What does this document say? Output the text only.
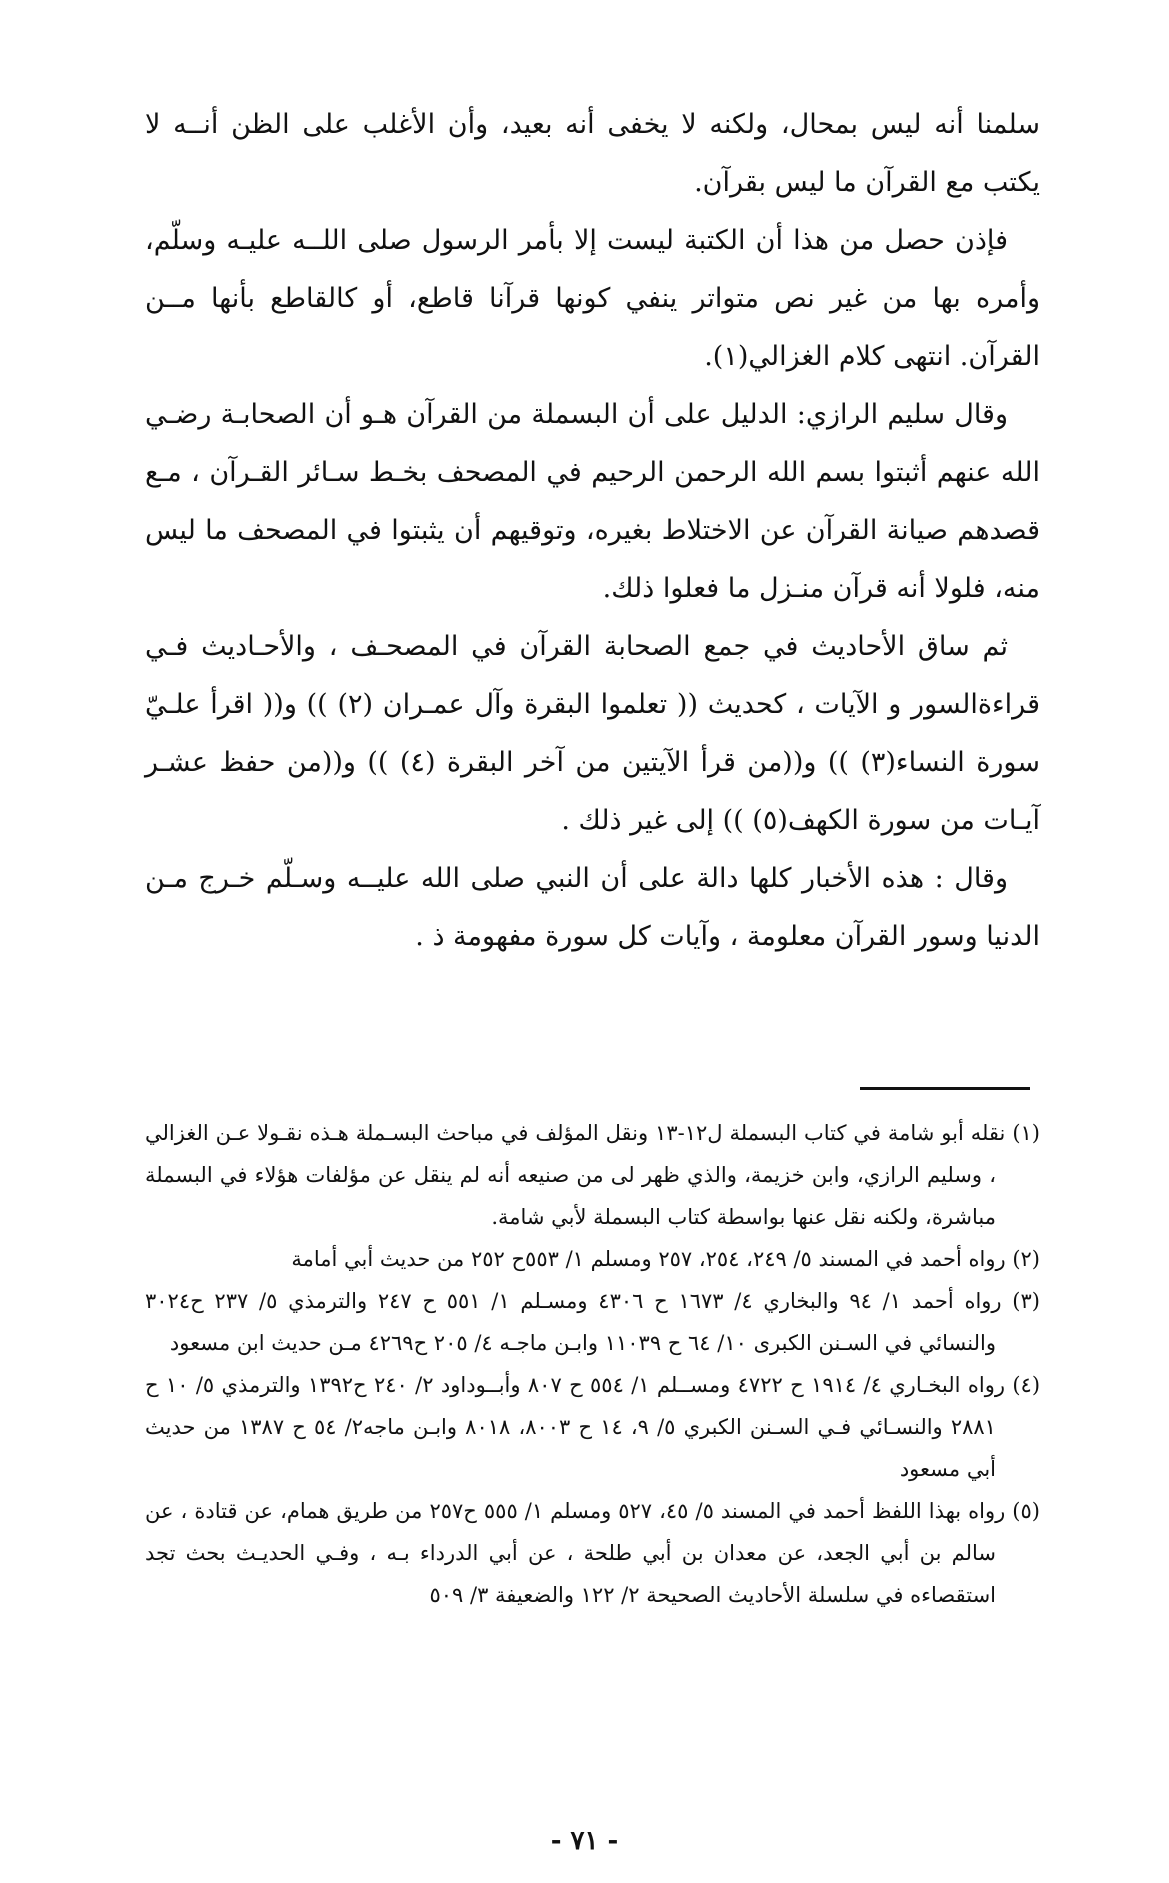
سلمنا أنه ليس بمحال، ولكنه لا يخفى أنه بعيد، وأن الأغلب على الظن أنــه لا يكتب مع القرآن ما ليس بقرآن.

فإذن حصل من هذا أن الكتبة ليست إلا بأمر الرسول صلى اللــه عليـه وسلّم، وأمره بها من غير نص متواتر ينفي كونها قرآنا قاطع، أو كالقاطع بأنها مــن القرآن. انتهى كلام الغزالي(١).

وقال سليم الرازي: الدليل على أن البسملة من القرآن هـو أن الصحابـة رضـي الله عنهم أثبتوا بسم الله الرحمن الرحيم في المصحف بخـط سـائر القـرآن ، مـع قصدهم صيانة القرآن عن الاختلاط بغيره، وتوقيهم أن يثبتوا في المصحف ما ليس منه، فلولا أنه قرآن منـزل ما فعلوا ذلك.

ثم ساق الأحاديث في جمع الصحابة القرآن في المصحـف ، والأحـاديث فـي قراءةالسور و الآيات ، كحديث (( تعلموا البقرة وآل عمـران (٢) )) و(( اقرأ علـيّ سورة النساء(٣) )) و((من قرأ الآيتين من آخر البقرة (٤) )) و((من حفظ عشـر آيـات من سورة الكهف(٥) )) إلى غير ذلك .

وقال : هذه الأخبار كلها دالة على أن النبي صلى الله عليــه وسـلّم خـرج مـن الدنيا وسور القرآن معلومة ، وآيات كل سورة مفهومة ذ .

(١) نقله أبو شامة في كتاب البسملة ل١٢-١٣ ونقل المؤلف في مباحث البسـملة هـذه نقـولا عـن الغزالي ، وسليم الرازي، وابن خزيمة، والذي ظهر لى من صنيعه أنه لم ينقل عن مؤلفات هؤلاء في البسملة مباشرة، ولكنه نقل عنها بواسطة كتاب البسملة لأبي شامة.

(٢) رواه أحمد في المسند ٥/ ٢٤٩، ٢٥٤، ٢٥٧ ومسلم ١/ ٥٥٣ح ٢٥٢ من حديث أبي أمامة

(٣) رواه أحمد ١/ ٩٤ والبخاري ٤/ ١٦٧٣ ح ٤٣٠٦ ومسـلم ١/ ٥٥١ ح ٢٤٧ والترمذي ٥/ ٢٣٧ ح٣٠٢٤ والنسائي في السـنن الكبرى ١٠/ ٦٤ ح ١١٠٣٩ وابـن ماجـه ٤/ ٢٠٥ ح٤٢٦٩ مـن حديث ابن مسعود

(٤) رواه البخـاري ٤/ ١٩١٤ ح ٤٧٢٢ ومســلم ١/ ٥٥٤ ح ٨٠٧ وأبــوداود ٢/ ٢٤٠ ح١٣٩٢ والترمذي ٥/ ١٠ ح ٢٨٨١ والنسـائي فـي السـنن الكبري ٥/ ٩، ١٤ ح ٨٠٠٣، ٨٠١٨ وابـن ماجه٢/ ٥٤ ح ١٣٨٧ من حديث أبي مسعود

(٥) رواه بهذا اللفظ أحمد في المسند ٥/ ٤٥، ٥٢٧ ومسلم ١/ ٥٥٥ ح٢٥٧ من طريق همام، عن قتادة ، عن سالم بن أبي الجعد، عن معدان بن أبي طلحة ، عن أبي الدرداء بـه ، وفـي الحديـث بحث تجد استقصاءه في سلسلة الأحاديث الصحيحة ٢/ ١٢٢ والضعيفة ٣/ ٥٠٩

- ٧١ -
